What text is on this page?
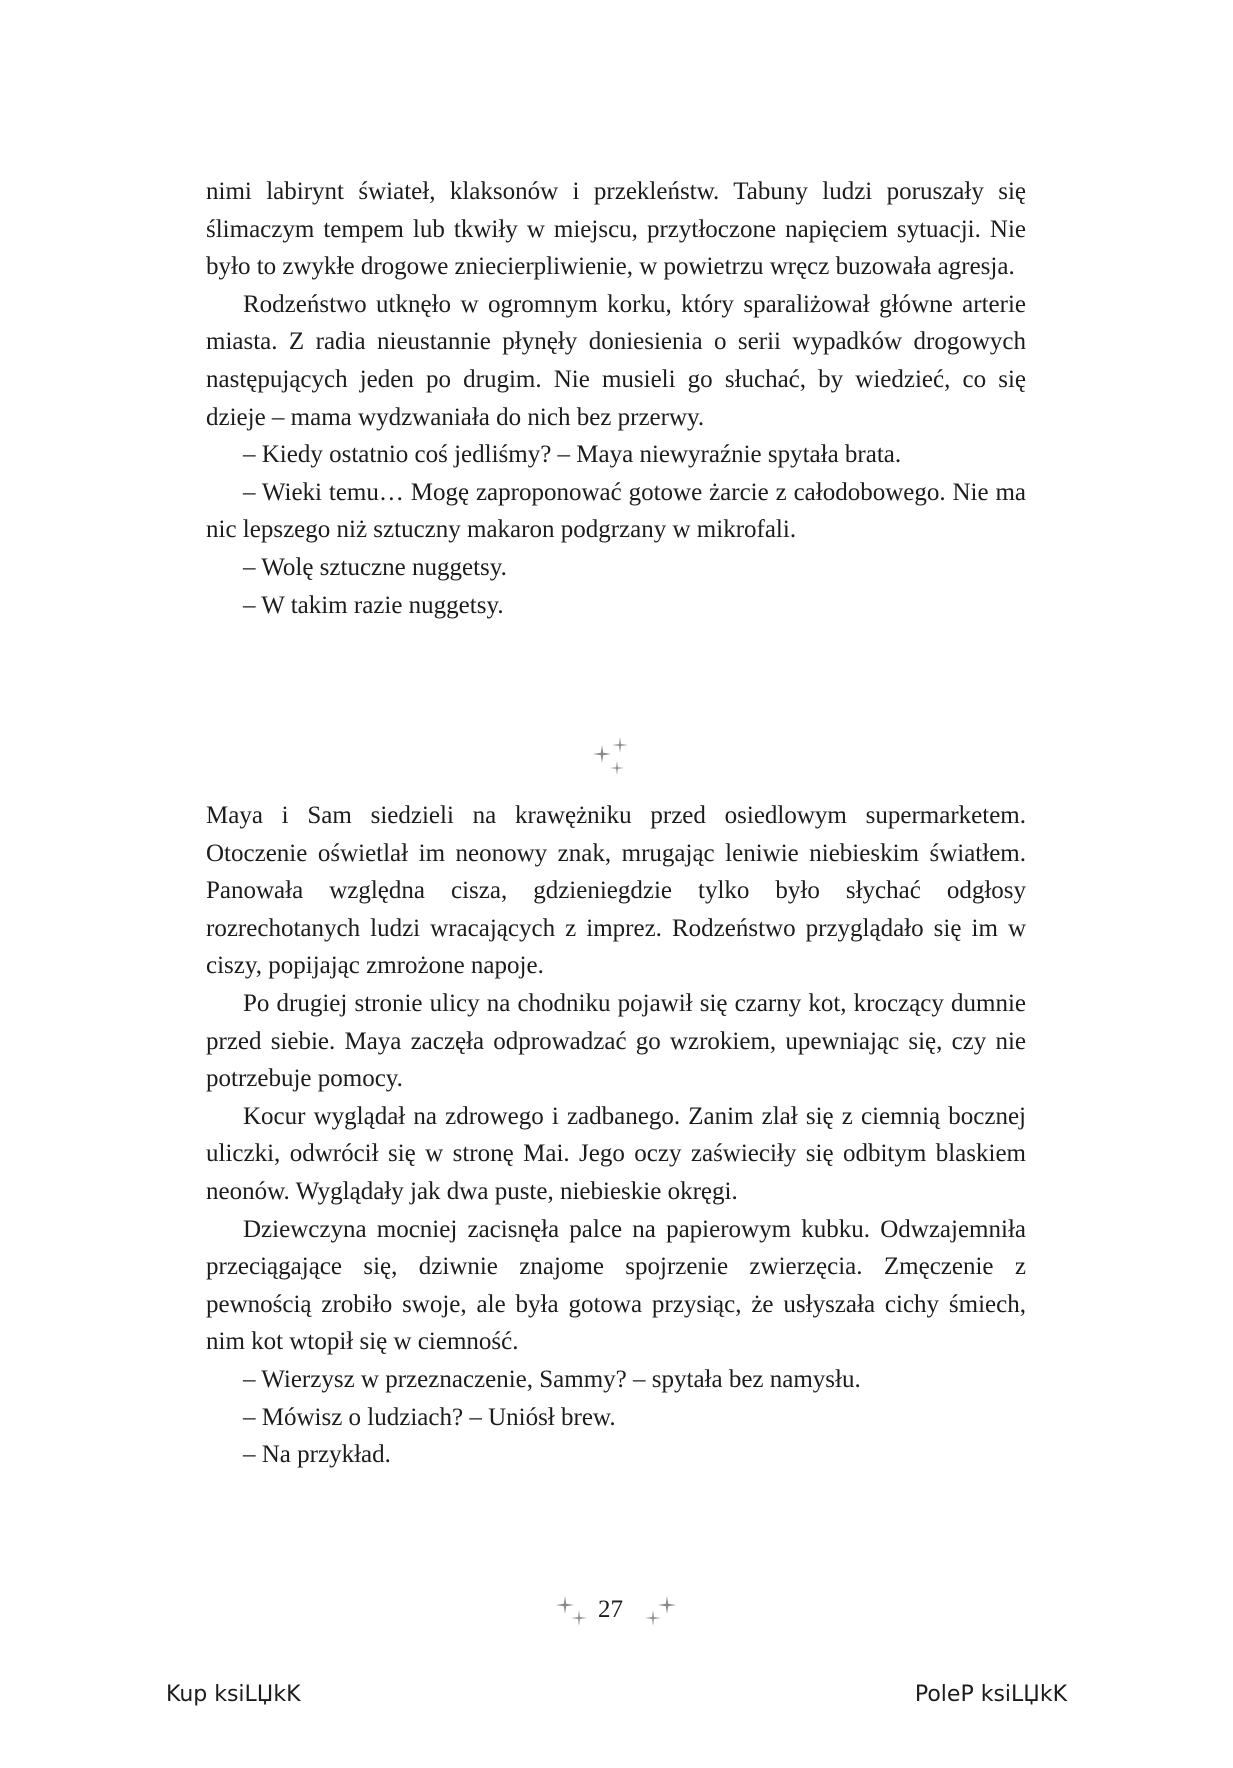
nimi labirynt świateł, klaksonów i przekleństw. Tabuny ludzi poruszały się ślimaczym tempem lub tkwiły w miejscu, przytłoczone napięciem sytuacji. Nie było to zwykłe drogowe zniecierpliwienie, w powietrzu wręcz buzowała agresja.

Rodzeństwo utknęło w ogromnym korku, który sparaliżował główne arterie miasta. Z radia nieustannie płynęły doniesienia o serii wypadków drogowych następujących jeden po drugim. Nie musieli go słuchać, by wiedzieć, co się dzieje – mama wydzwaniała do nich bez przerwy.

– Kiedy ostatnio coś jedliśmy? – Maya niewyraźnie spytała brata.

– Wieki temu… Mogę zaproponować gotowe żarcie z całodobowego. Nie ma nic lepszego niż sztuczny makaron podgrzany w mikrofali.

– Wolę sztuczne nuggetsy.

– W takim razie nuggetsy.

Maya i Sam siedzieli na krawężniku przed osiedlowym supermarketem. Otoczenie oświetlał im neonowy znak, mrugając leniwie niebieskim światłem. Panowała względna cisza, gdzieniegdzie tylko było słychać odgłosy rozrechotanych ludzi wracających z imprez. Rodzeństwo przyglądało się im w ciszy, popijając zmrożone napoje.

Po drugiej stronie ulicy na chodniku pojawił się czarny kot, kroczący dumnie przed siebie. Maya zaczęła odprowadzać go wzrokiem, upewniając się, czy nie potrzebuje pomocy.

Kocur wyglądał na zdrowego i zadbanego. Zanim zlał się z ciemnią bocznej uliczki, odwrócił się w stronę Mai. Jego oczy zaświeciły się odbitym blaskiem neonów. Wyglądały jak dwa puste, niebieskie okręgi.

Dziewczyna mocniej zacisnęła palce na papierowym kubku. Odwzajemniła przeciągające się, dziwnie znajome spojrzenie zwierzęcia. Zmęczenie z pewnością zrobiło swoje, ale była gotowa przysiąc, że usłyszała cichy śmiech, nim kot wtopił się w ciemność.

– Wierzysz w przeznaczenie, Sammy? – spytała bez namysłu.

– Mówisz o ludziach? – Uniósł brew.

– Na przykład.

27
Kup ksiLЏkK	PoleP ksiLЏkK
